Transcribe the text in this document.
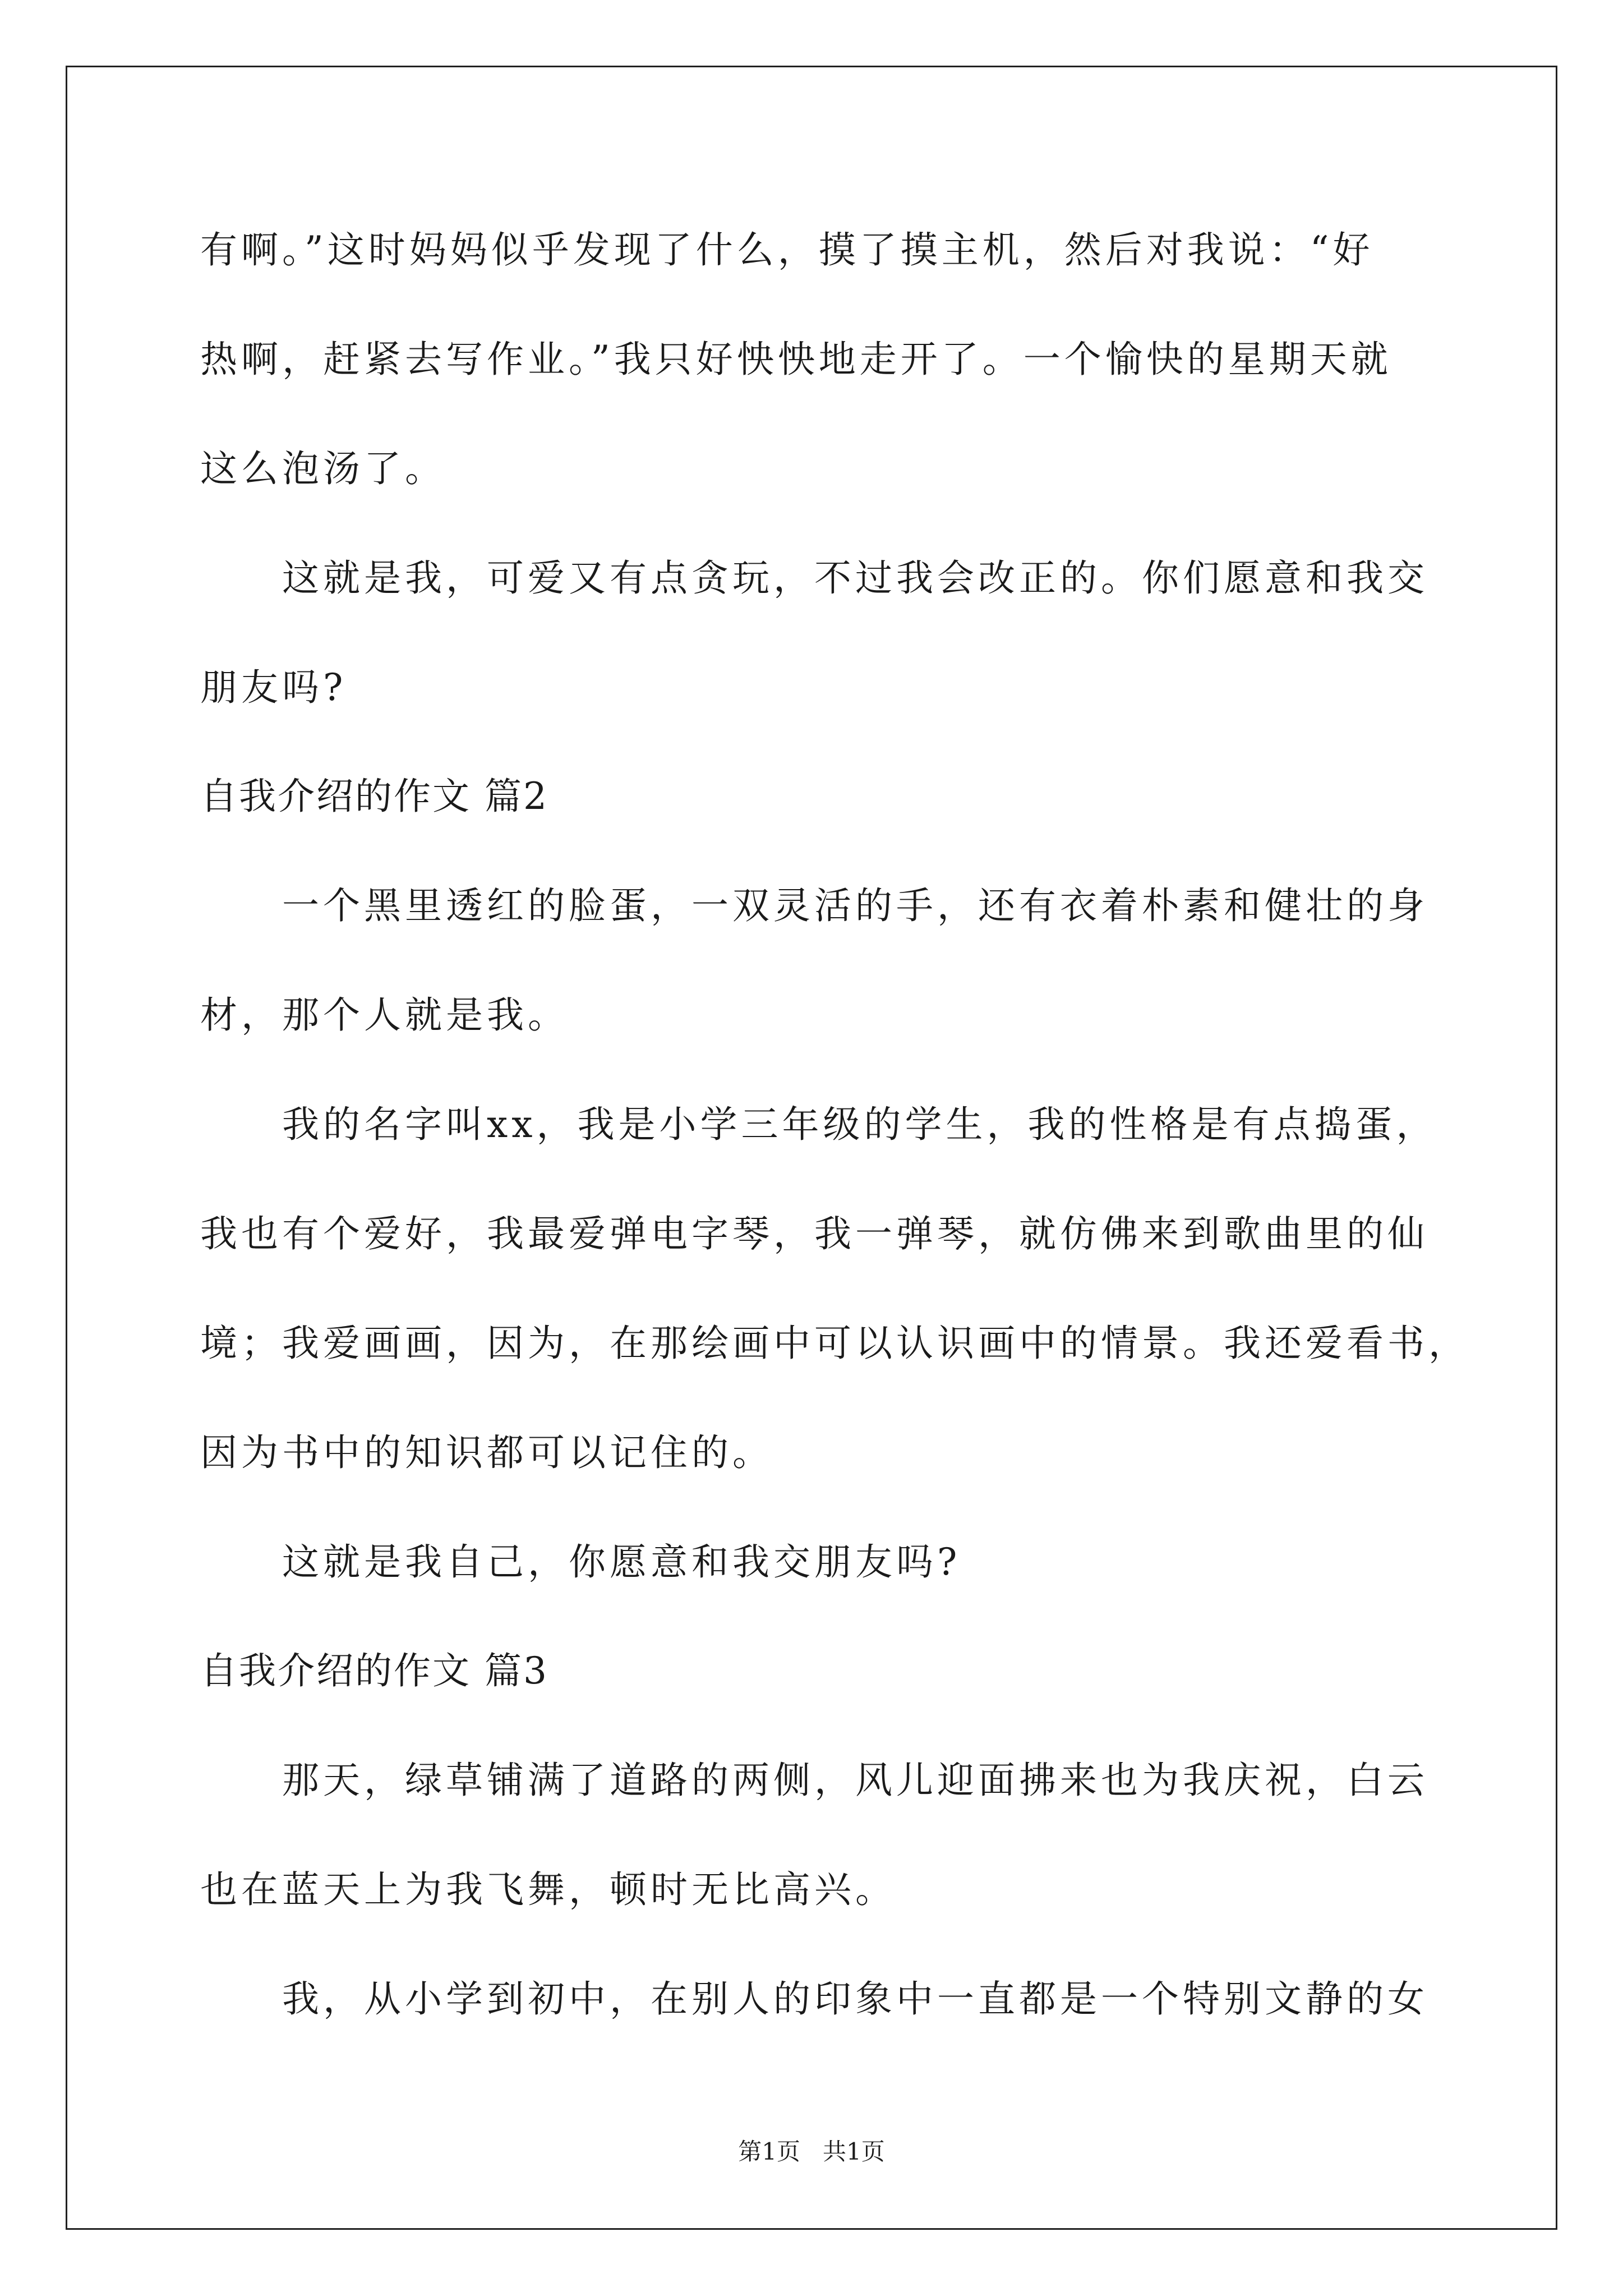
有啊。”这时妈妈似乎发现了什么，摸了摸主机，然后对我说：“好
热啊，赶紧去写作业。”我只好怏怏地走开了。一个愉快的星期天就
这么泡汤了。
这就是我，可爱又有点贪玩，不过我会改正的。你们愿意和我交
朋友吗?
自我介绍的作文 篇2
一个黑里透红的脸蛋，一双灵活的手，还有衣着朴素和健壮的身
材，那个人就是我。
我的名字叫xx，我是小学三年级的学生，我的性格是有点捣蛋，
我也有个爱好，我最爱弹电字琴，我一弹琴，就仿佛来到歌曲里的仙
境；我爱画画，因为，在那绘画中可以认识画中的情景。我还爱看书，
因为书中的知识都可以记住的。
这就是我自己，你愿意和我交朋友吗?
自我介绍的作文 篇3
那天，绿草铺满了道路的两侧，风儿迎面拂来也为我庆祝，白云
也在蓝天上为我飞舞，顿时无比高兴。
我，从小学到初中，在别人的印象中一直都是一个特别文静的女
第1页   共1页
